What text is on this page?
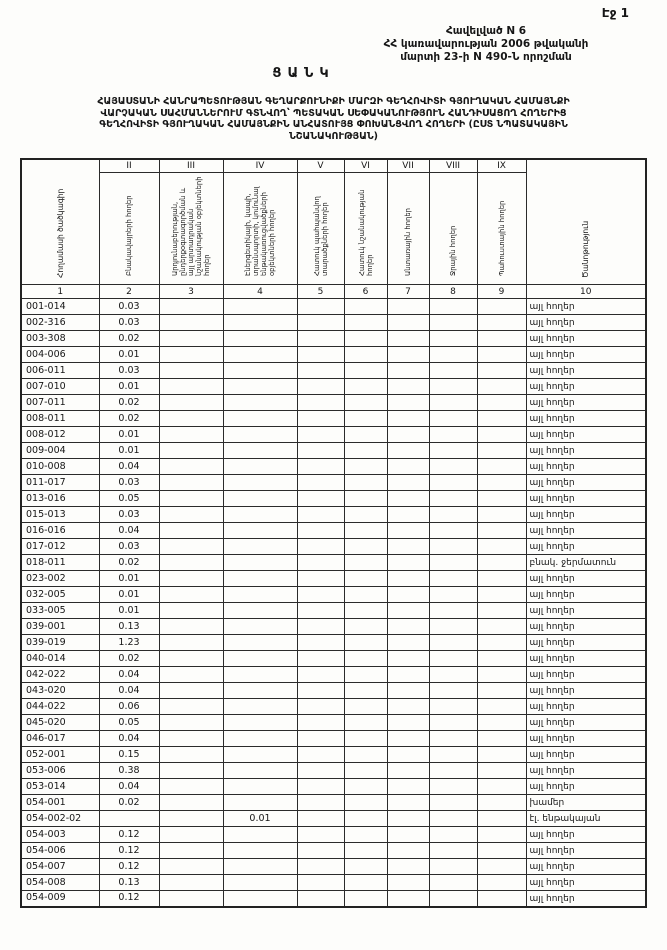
Էջ 1
Հավելված N 6
ՀՀ կառավարության 2006 թվականի
մարտի 23-ի N 490-Ն որոշման
ՑԱՆԿ
ՀԱՅԱՍՏԱՆԻ ՀԱՆՐԱՊԵՏՈՒԹՅԱՆ ԳԵՂԱՐՔՈՒՆԻՔԻ ՄԱՐԶԻ ԳԵՂՀՈՎԻՏԻ ԳՅՈՒՂԱԿԱՆ ՀԱՄԱՅՆՔԻ
ՎԱՐՉԱԿԱՆ ՍԱՀՄԱՆՆԵՐՈՒՄ ԳՏՆՎՈՂ՝ ՊԵՏԱԿԱՆ ՍԵՓԱԿԱՆՈՒԹՅՈՒՆ ՀԱՆԴԻՍԱՑՈՂ ՀՈՂԵՐԻՑ
ԳԵՂՀՈՎԻՏԻ ԳՅՈՒՂԱԿԱՆ ՀԱՄԱՅՆՔԻՆ ԱՆՀԱՏՈՒՅՑ ՓՈԽԱՆՑՎՈՂ ՀՈՂԵՐԻ (ԸՍՏ ՆՊԱՏԱԿԱՅԻՆ
ՆՇԱՆԱԿՈՒԹՅԱՆ)
Հողամասի ծածկագիր	II	III	IV	V	VI	VII	VIII	IX	Ծանոթություն
	Բնակավայրերի հողեր	Արդյունաբերության, ընդերքօգտագործման և այլ արտադրական նշանակության օբյեկտների հողեր	Էներգետիկայի, կապի, տրանսպորտի, կոմունալ ենթակառուցվածքների օբյեկտների հողեր	Հատուկ պահպանվող տարածքների հողեր	Հատուկ նշանակության հողեր	Անտառային հողեր	Ջրային հողեր	Պահուստային հողեր	
1	2	3	4	5	6	7	8	9	10
001-014	0.03								այլ հողեր
002-316	0.03								այլ հողեր
003-308	0.02								այլ հողեր
004-006	0.01								այլ հողեր
006-011	0.03								այլ հողեր
007-010	0.01								այլ հողեր
007-011	0.02								այլ հողեր
008-011	0.02								այլ հողեր
008-012	0.01								այլ հողեր
009-004	0.01								այլ հողեր
010-008	0.04								այլ հողեր
011-017	0.03								այլ հողեր
013-016	0.05								այլ հողեր
015-013	0.03								այլ հողեր
016-016	0.04								այլ հողեր
017-012	0.03								այլ հողեր
018-011	0.02								բնակ. ջերմատուն
023-002	0.01								այլ հողեր
032-005	0.01								այլ հողեր
033-005	0.01								այլ հողեր
039-001	0.13								այլ հողեր
039-019	1.23								այլ հողեր
040-014	0.02								այլ հողեր
042-022	0.04								այլ հողեր
043-020	0.04								այլ հողեր
044-022	0.06								այլ հողեր
045-020	0.05								այլ հողեր
046-017	0.04								այլ հողեր
052-001	0.15								այլ հողեր
053-006	0.38								այլ հողեր
053-014	0.04								այլ հողեր
054-001	0.02								խամեր
054-002-02			0.01						էլ. ենթակայան
054-003	0.12								այլ հողեր
054-006	0.12								այլ հողեր
054-007	0.12								այլ հողեր
054-008	0.13								այլ հողեր
054-009	0.12								այլ հողեր
